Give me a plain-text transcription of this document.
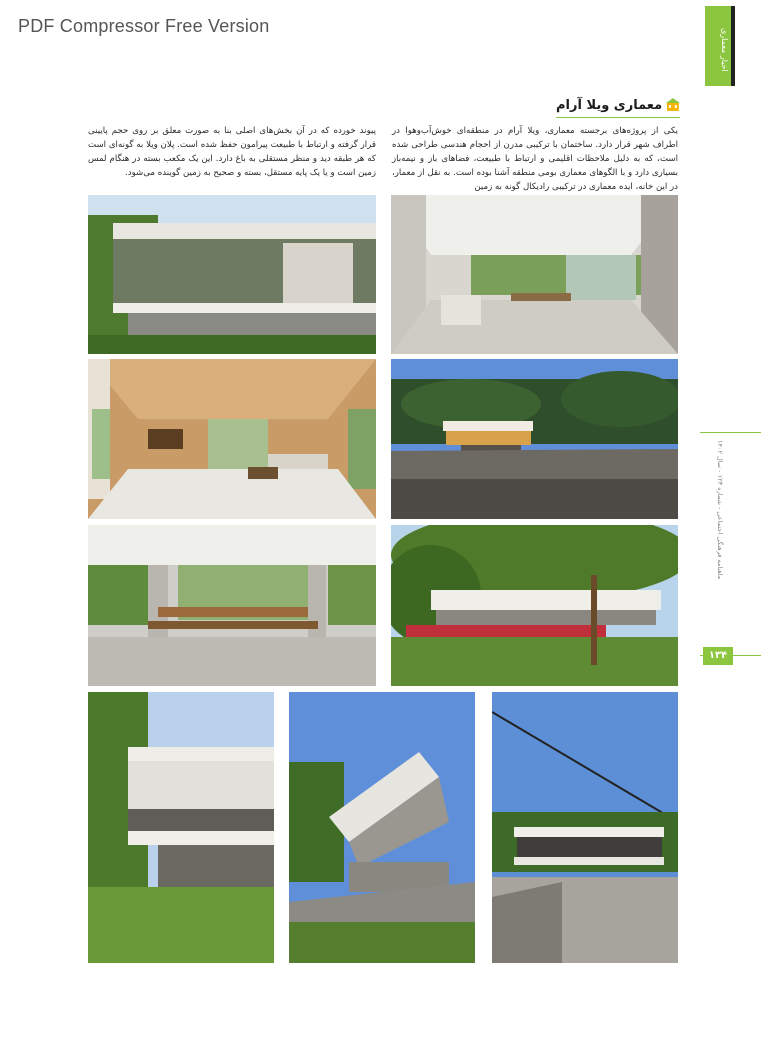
PDF Compressor Free Version
اخبار معماری
ماهنامه فرهنگی اجتماعی - شماره ۱۲۳ - سال ۱۴۰۲
۱۳۴
معماری ویلا آرام

یکی از پروژه‌های برجسته معماری، ویلا آرام در منطقه‌ای خوش‌آب‌وهوا در اطراف شهر قرار دارد. ساختمان با ترکیبی مدرن از احجام هندسی طراحی شده است، که به دلیل ملاحظات اقلیمی و ارتباط با طبیعت، فضاهای باز و نیمه‌باز بسیاری دارد و با الگوهای معماری بومی منطقه آشنا بوده است. به نقل از معمار، در این خانه، ایده معماری در ترکیبی رادیکال گونه به زمین

پیوند خورده که در آن بخش‌های اصلی بنا به صورت معلق بر روی حجم پایینی قرار گرفته و ارتباط با طبیعت پیرامون حفظ شده است. پلان ویلا به گونه‌ای است که هر طبقه دید و منظر مستقلی به باغ دارد. این یک مکعب بسته در هنگام لمس زمین است و یا یک پایه مستقل، بسته و صحیح به زمین گوینده می‌شود.
